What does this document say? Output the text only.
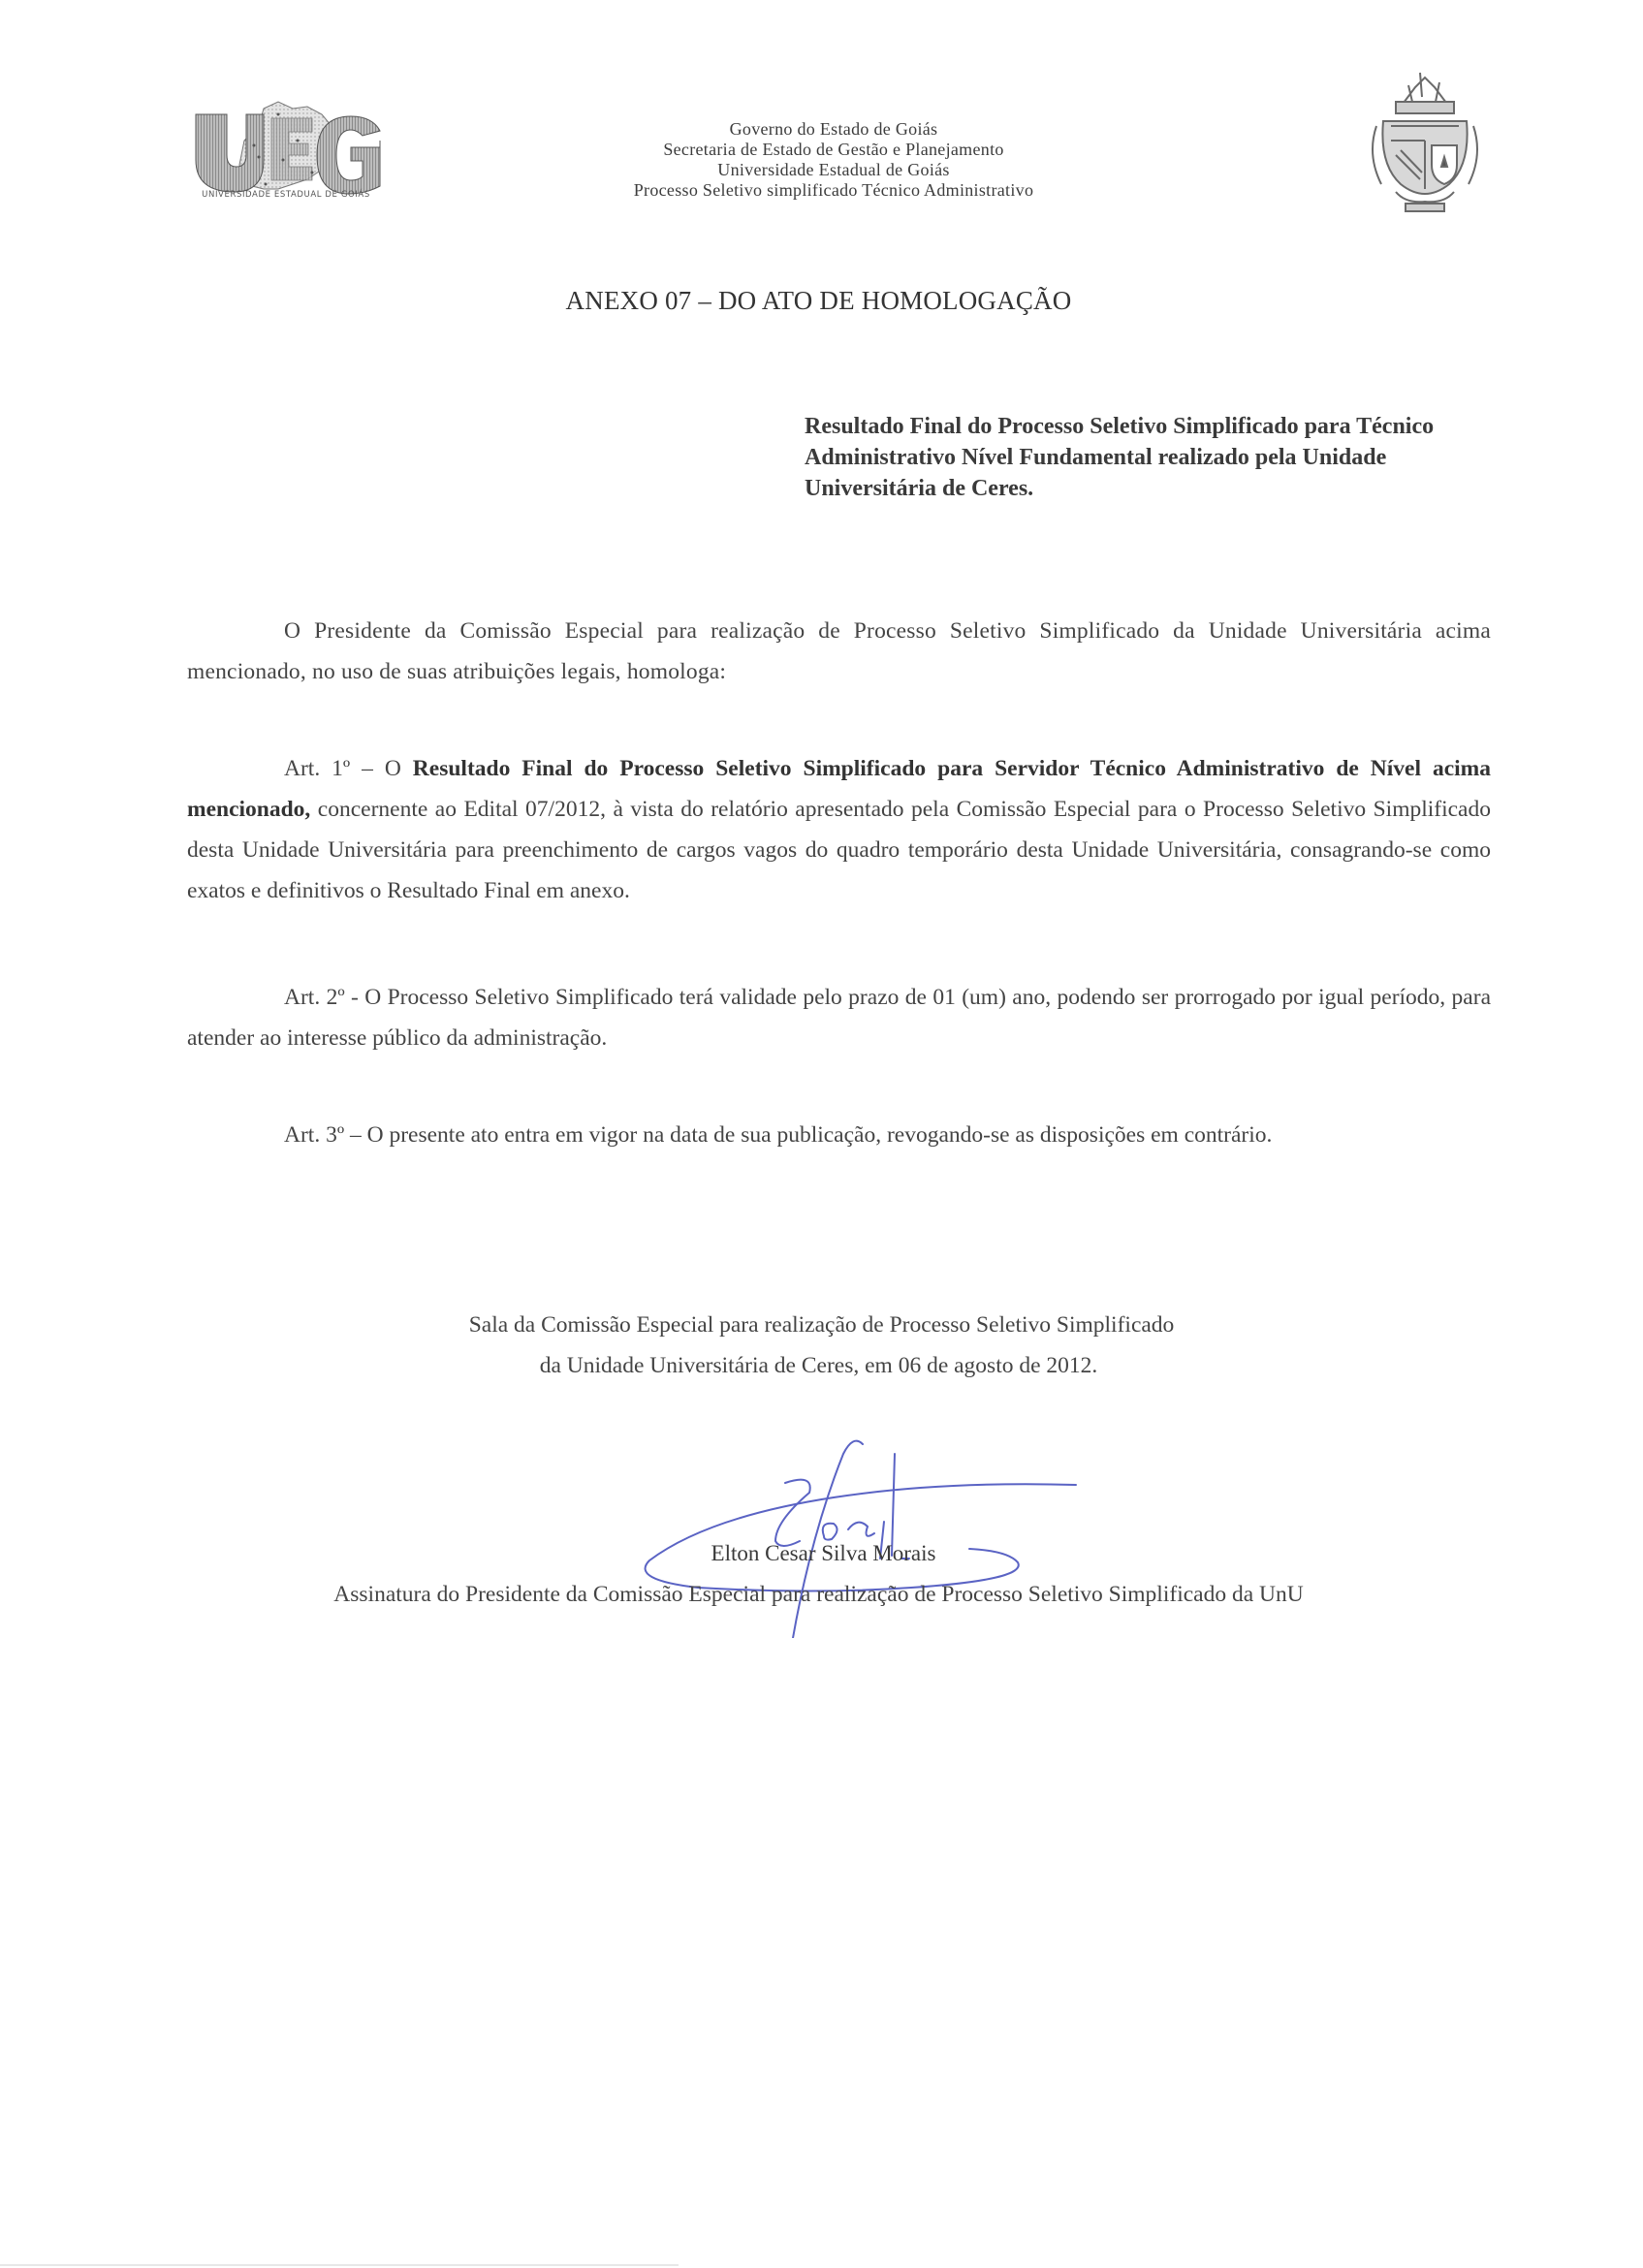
UNIVERSIDADE ESTADUAL DE GOIÁS
Governo do Estado de Goiás
Secretaria de Estado de Gestão e Planejamento
Universidade Estadual de Goiás
Processo Seletivo simplificado Técnico Administrativo
ANEXO 07 – DO ATO DE HOMOLOGAÇÃO
Resultado Final do Processo Seletivo Simplificado para Técnico Administrativo Nível Fundamental realizado pela Unidade Universitária de Ceres.
O Presidente da Comissão Especial para realização de Processo Seletivo Simplificado da Unidade Universitária acima mencionado, no uso de suas atribuições legais, homologa:
Art. 1º – O Resultado Final do Processo Seletivo Simplificado para Servidor Técnico Administrativo de Nível acima mencionado, concernente ao Edital 07/2012, à vista do relatório apresentado pela Comissão Especial para o Processo Seletivo Simplificado desta Unidade Universitária para preenchimento de cargos vagos do quadro temporário desta Unidade Universitária, consagrando-se como exatos e definitivos o Resultado Final em anexo.
Art. 2º - O Processo Seletivo Simplificado terá validade pelo prazo de 01 (um) ano, podendo ser prorrogado por igual período, para atender ao interesse público da administração.
Art. 3º – O presente ato entra em vigor na data de sua publicação, revogando-se as disposições em contrário.
Sala da Comissão Especial para realização de Processo Seletivo Simplificado
da Unidade Universitária de Ceres, em 06 de agosto de 2012.
Elton Cesar Silva Morais
Assinatura do Presidente da Comissão Especial para realização de Processo Seletivo Simplificado da UnU
